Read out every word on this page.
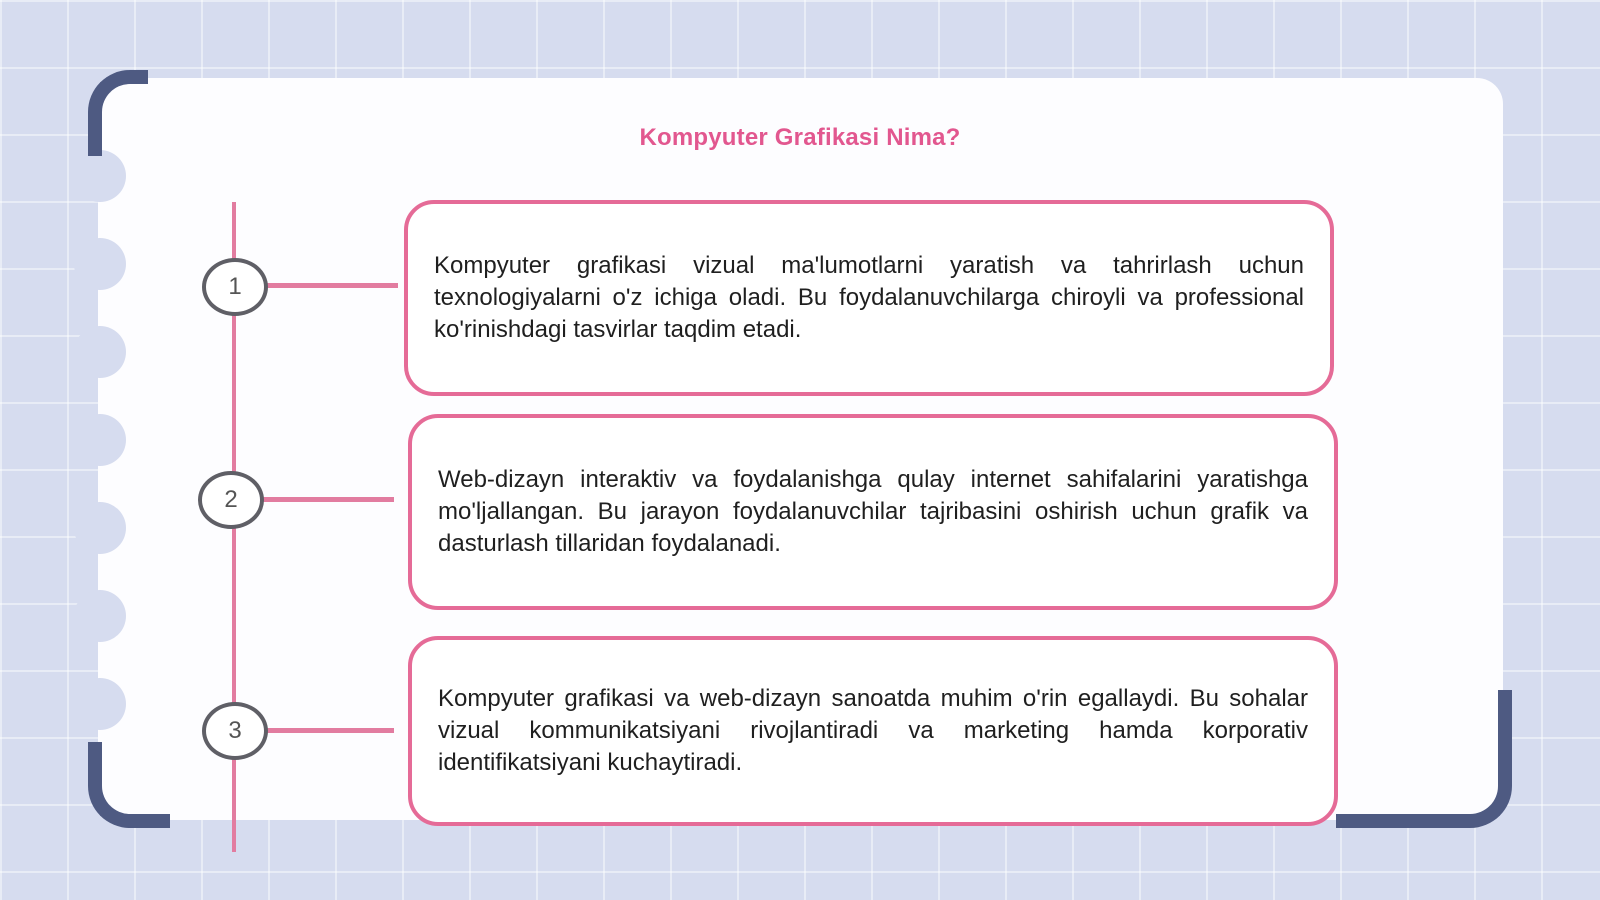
Kompyuter Grafikasi Nima?
1

Kompyuter grafikasi vizual ma'lumotlarni yaratish va tahrirlash uchun texnologiyalarni o'z ichiga oladi. Bu foydalanuvchilarga chiroyli va professional ko'rinishdagi tasvirlar taqdim etadi.

2

Web-dizayn interaktiv va foydalanishga qulay internet sahifalarini yaratishga mo'ljallangan. Bu jarayon foydalanuvchilar tajribasini oshirish uchun grafik va dasturlash tillaridan foydalanadi.

3

Kompyuter grafikasi va web-dizayn sanoatda muhim o'rin egallaydi. Bu sohalar vizual kommunikatsiyani rivojlantiradi va marketing hamda korporativ identifikatsiyani kuchaytiradi.
